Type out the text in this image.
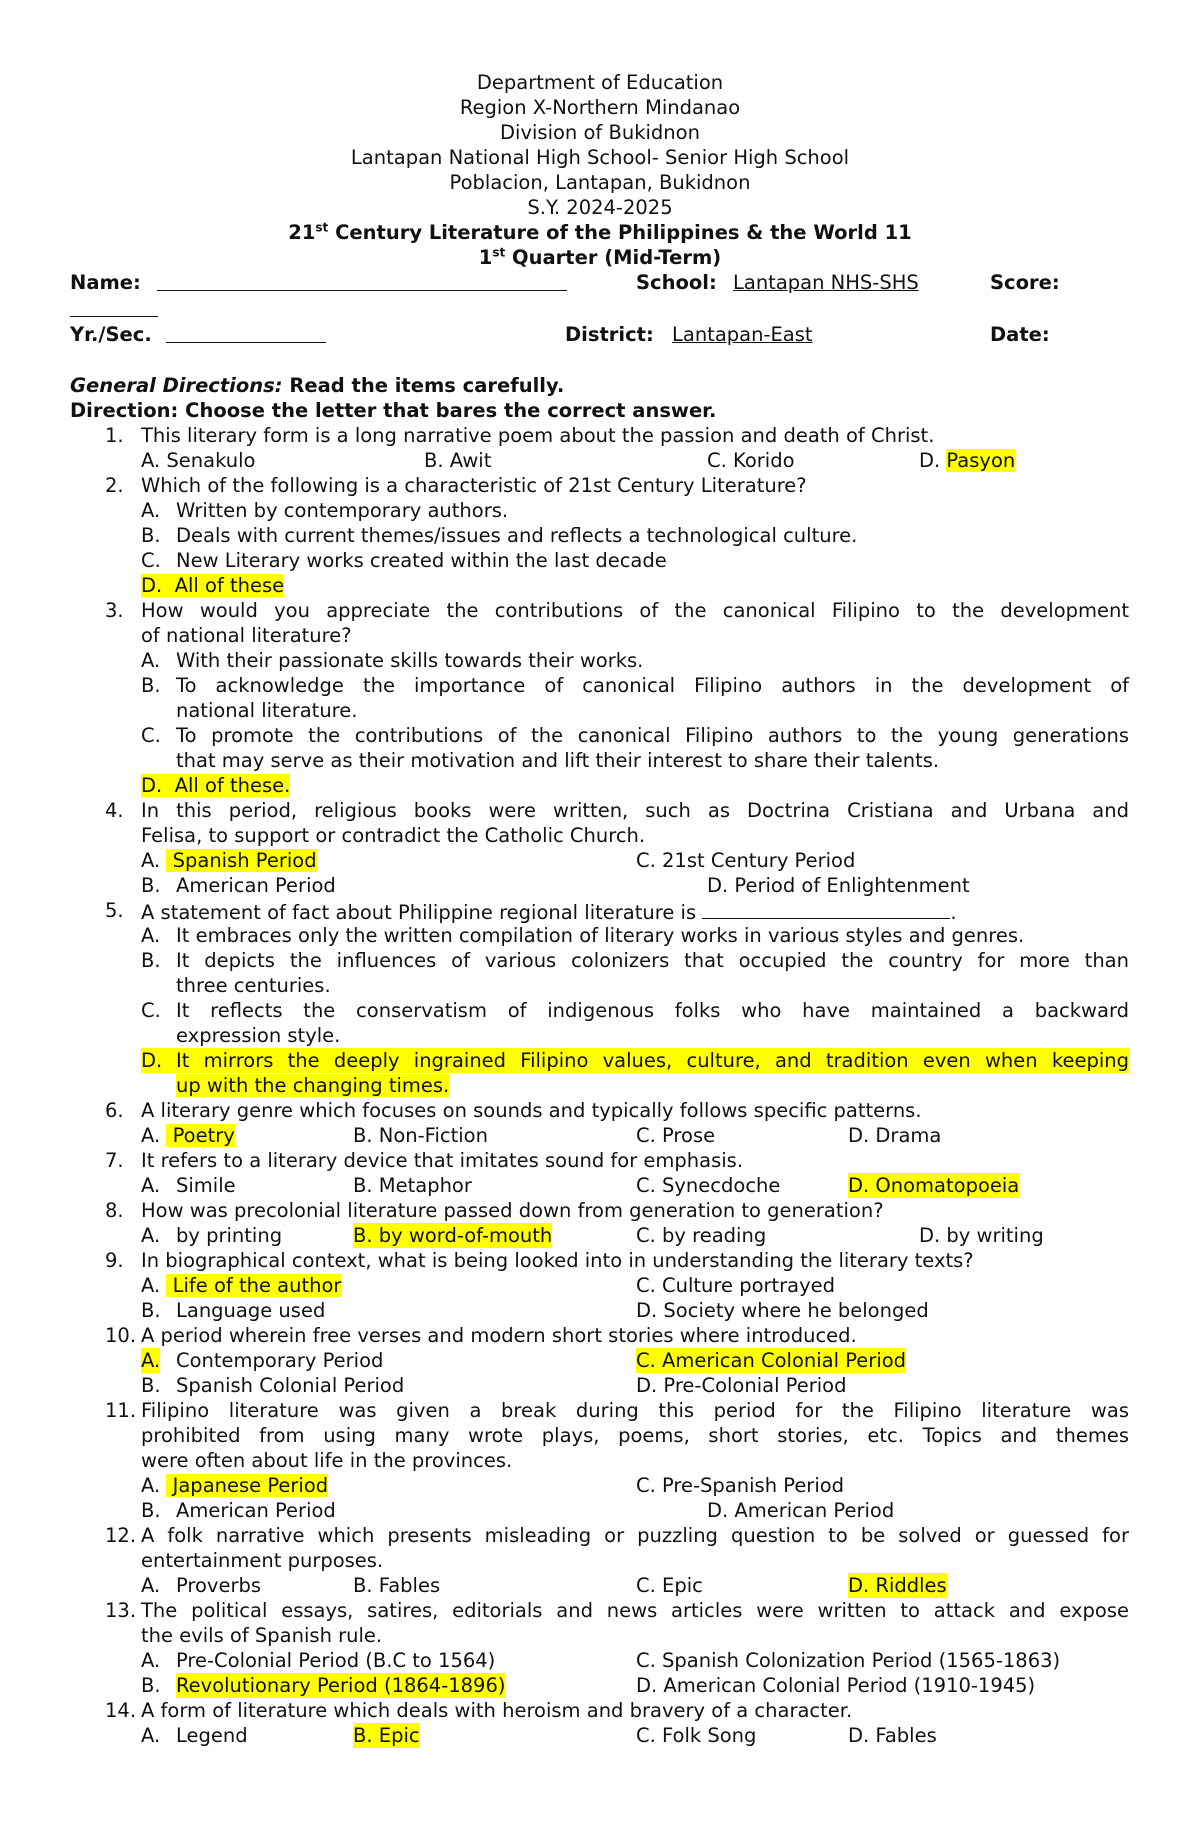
Department of Education
Region X-Northern Mindanao
Division of Bukidnon
Lantapan National High School- Senior High School
Poblacion, Lantapan, Bukidnon
S.Y. 2024-2025
21st Century Literature of the Philippines & the World 11
1st Quarter (Mid-Term)
Name:	School: Lantapan NHS-SHS	Score:
Yr./Sec.	District: Lantapan-East	Date:
General Directions: Read the items carefully.
Direction: Choose the letter that bares the correct answer.
1. This literary form is a long narrative poem about the passion and death of Christ.
A. Senakulo	B. Awit	C. Korido	D. Pasyon
2. Which of the following is a characteristic of 21st Century Literature?
A. Written by contemporary authors.
B. Deals with current themes/issues and reflects a technological culture.
C. New Literary works created within the last decade
D. All of these
3. How would you appreciate the contributions of the canonical Filipino to the development
of national literature?
A. With their passionate skills towards their works.
B. To acknowledge the importance of canonical Filipino authors in the development of
national literature.
C. To promote the contributions of the canonical Filipino authors to the young generations
that may serve as their motivation and lift their interest to share their talents.
D. All of these.
4. In this period, religious books were written, such as Doctrina Cristiana and Urbana and
Felisa, to support or contradict the Catholic Church.
A. Spanish Period	C. 21st Century Period
B. American Period	D. Period of Enlightenment
5. A statement of fact about Philippine regional literature is	.
A. It embraces only the written compilation of literary works in various styles and genres.
B. It depicts the influences of various colonizers that occupied the country for more than
three centuries.
C. It reflects the conservatism of indigenous folks who have maintained a backward
expression style.
D. It mirrors the deeply ingrained Filipino values, culture, and tradition even when keeping
up with the changing times.
6. A literary genre which focuses on sounds and typically follows specific patterns.
A. Poetry	B. Non-Fiction	C. Prose	D. Drama
7. It refers to a literary device that imitates sound for emphasis.
A. Simile	B. Metaphor	C. Synecdoche	D. Onomatopoeia
8. How was precolonial literature passed down from generation to generation?
A. by printing	B. by word-of-mouth	C. by reading	D. by writing
9. In biographical context, what is being looked into in understanding the literary texts?
A. Life of the author	C. Culture portrayed
B. Language used	D. Society where he belonged
10. A period wherein free verses and modern short stories where introduced.
A. Contemporary Period	C. American Colonial Period
B. Spanish Colonial Period	D. Pre-Colonial Period
11. Filipino literature was given a break during this period for the Filipino literature was
prohibited from using many wrote plays, poems, short stories, etc. Topics and themes
were often about life in the provinces.
A. Japanese Period	C. Pre-Spanish Period
B. American Period	D. American Period
12. A folk narrative which presents misleading or puzzling question to be solved or guessed for
entertainment purposes.
A. Proverbs	B. Fables	C. Epic	D. Riddles
13. The political essays, satires, editorials and news articles were written to attack and expose
the evils of Spanish rule.
A. Pre-Colonial Period (B.C to 1564)	C. Spanish Colonization Period (1565-1863)
B. Revolutionary Period (1864-1896)	D. American Colonial Period (1910-1945)
14. A form of literature which deals with heroism and bravery of a character.
A. Legend	B. Epic	C. Folk Song	D. Fables
